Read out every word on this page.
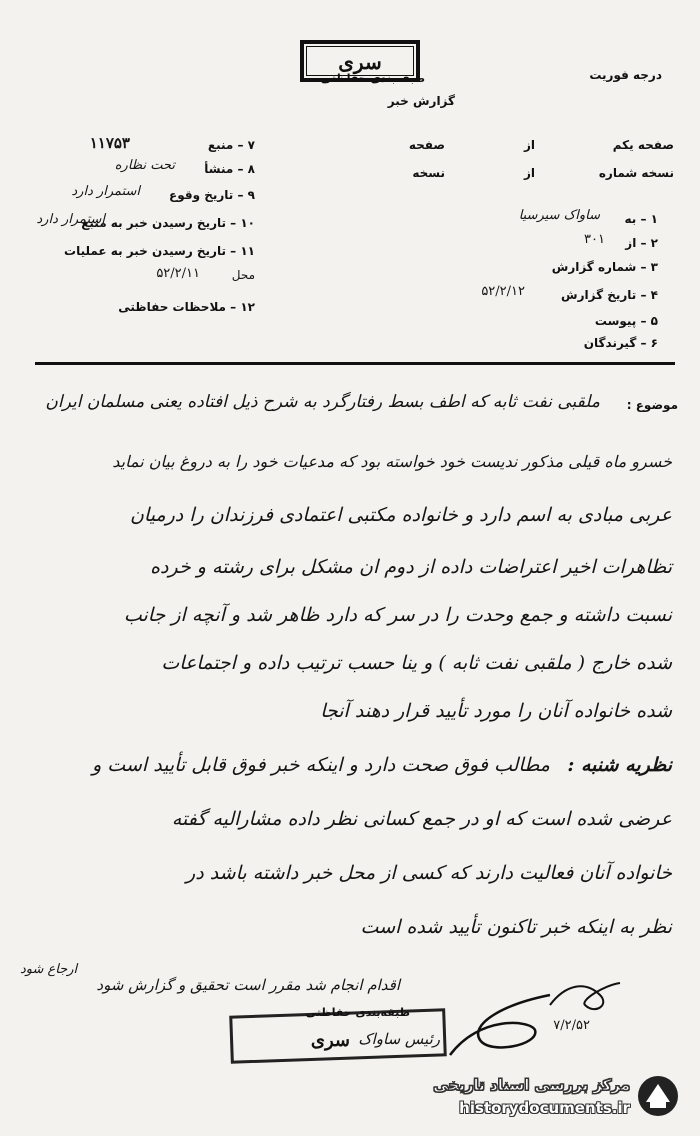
سری
درجه فوریت
طبقه‌بندی حفاظتی
گزارش خبر
۷ – منبع
۱۱۷۵۳
۸ – منشأ
تحت نظاره
۹ – تاریخ وقوع
استمرار دارد
۱۰ – تاریخ رسیدن خبر به منبع
استمرار دارد
۱۱ – تاریخ رسیدن خبر به عملیات
محل
۵۲/۲/۱۱
۱۲ – ملاحظات حفاظتی
صفحه یکم
از
صفحه
نسخه شماره
از
نسخه
۱ – به
ساواک سیرسیا
۲ – از
۳۰۱
۳ – شماره گزارش
۴ – تاریخ گزارش
۵۲/۲/۱۲
۵ – پیوست
۶ – گیرندگان
موضوع :
ملقبی نفت ثابه که اطف بسط رفتارگرد به شرح ذیل افتاده یعنی مسلمان ایران
خسرو ماه قیلی مذکور ندیست خود خواسته بود که مدعیات خود را به دروغ بیان نماید
عربی مبادی به اسم دارد و خانواده مکتبی اعتمادی فرزندان را درمیان
تظاهرات اخیر اعتراضات داده از دوم ان مشکل برای رشته و خرده
نسبت داشته و جمع وحدت را در سر که دارد ظاهر شد و آنچه از جانب
شده خارج ( ملقبی نفت ثابه ) و ینا حسب ترتیب داده و اجتماعات
شده خانواده آنان را مورد تأیید قرار دهند آنجا
نظریه شنبه :
مطالب فوق صحت دارد و اینکه خبر فوق قابل تأیید است و
عرضی شده است که او در جمع کسانی نظر داده مشارالیه گفته
خانواده آنان فعالیت دارند که کسی از محل خبر داشته باشد در
نظر به اینکه خبر تاکنون تأیید شده است
اقدام انجام شد مقرر است تحقیق و گزارش شود
ارجاع شود
رئیس ساواک
طبقه‌بندی حفاظتی
سری
۷/۲/۵۲
مرکز بررسی اسناد تاریخی
historydocuments.ir
